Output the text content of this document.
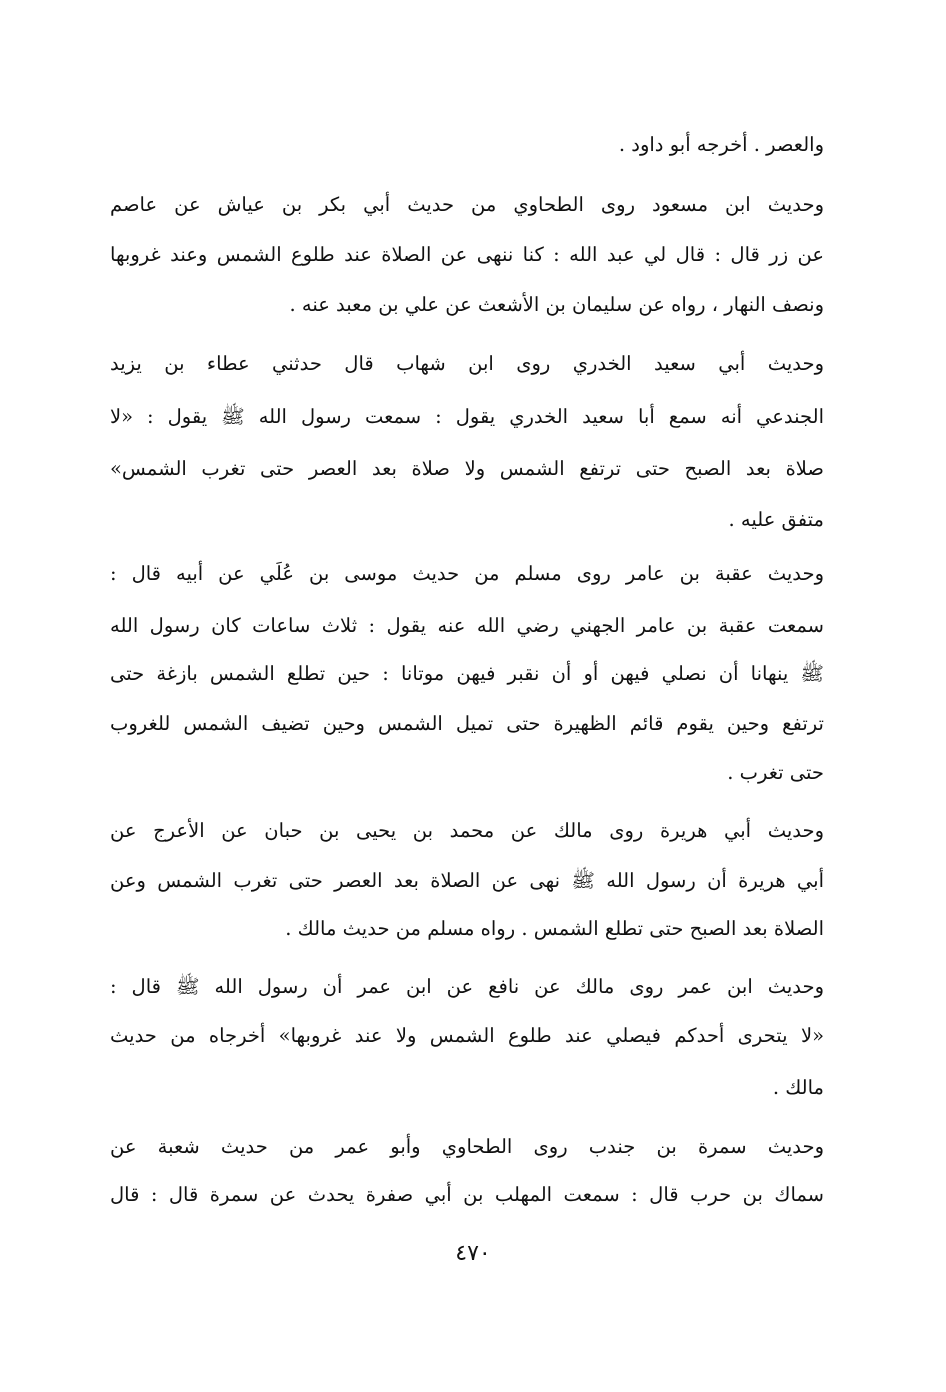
والعصر . أخرجه أبو داود .
وحديث ابن مسعود روى الطحاوي من حديث أبي بكر بن عياش عن عاصم
عن زر قال : قال لي عبد الله : كنا ننهى عن الصلاة عند طلوع الشمس وعند غروبها
ونصف النهار ، رواه عن سليمان بن الأشعث عن علي بن معبد عنه .
وحديث أبي سعيد الخدري روى ابن شهاب قال حدثني عطاء بن يزيد
الجندعي أنه سمع أبا سعيد الخدري يقول : سمعت رسول الله ﷺ يقول : «لا
صلاة بعد الصبح حتى ترتفع الشمس ولا صلاة بعد العصر حتى تغرب الشمس»
متفق عليه .
وحديث عقبة بن عامر روى مسلم من حديث موسى بن عُلَي عن أبيه قال :
سمعت عقبة بن عامر الجهني رضي الله عنه يقول : ثلاث ساعات كان رسول الله
ﷺ ينهانا أن نصلي فيهن أو أن نقبر فيهن موتانا : حين تطلع الشمس بازغة حتى
ترتفع وحين يقوم قائم الظهيرة حتى تميل الشمس وحين تضيف الشمس للغروب
حتى تغرب .
وحديث أبي هريرة روى مالك عن محمد بن يحيى بن حبان عن الأعرج عن
أبي هريرة أن رسول الله ﷺ نهى عن الصلاة بعد العصر حتى تغرب الشمس وعن
الصلاة بعد الصبح حتى تطلع الشمس . رواه مسلم من حديث مالك .
وحديث ابن عمر روى مالك عن نافع عن ابن عمر أن رسول الله ﷺ قال :
«لا يتحرى أحدكم فيصلي عند طلوع الشمس ولا عند غروبها» أخرجاه من حديث
مالك .
وحديث سمرة بن جندب روى الطحاوي وأبو عمر من حديث شعبة عن
سماك بن حرب قال : سمعت المهلب بن أبي صفرة يحدث عن سمرة قال : قال
٤٧٠
